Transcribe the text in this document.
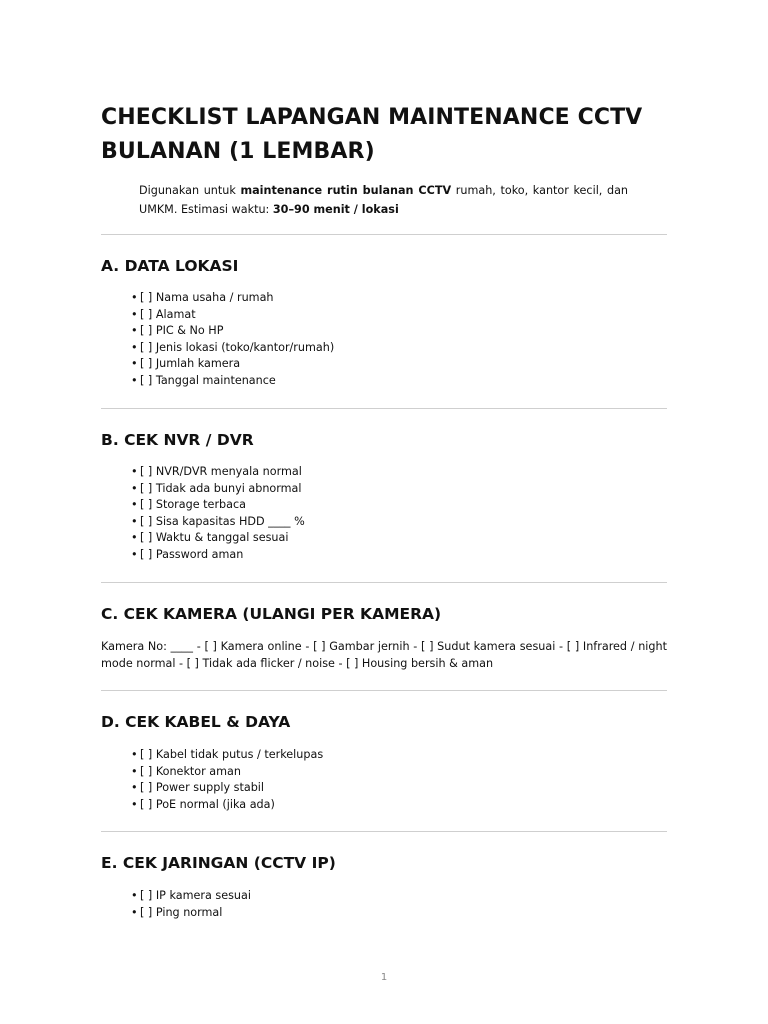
CHECKLIST LAPANGAN MAINTENANCE CCTV BULANAN (1 LEMBAR)

Digunakan untuk maintenance rutin bulanan CCTV rumah, toko, kantor kecil, dan UMKM. Estimasi waktu: 30–90 menit / lokasi

A. DATA LOKASI
• [ ] Nama usaha / rumah
• [ ] Alamat
• [ ] PIC & No HP
• [ ] Jenis lokasi (toko/kantor/rumah)
• [ ] Jumlah kamera
• [ ] Tanggal maintenance
B. CEK NVR / DVR
• [ ] NVR/DVR menyala normal
• [ ] Tidak ada bunyi abnormal
• [ ] Storage terbaca
• [ ] Sisa kapasitas HDD ____ %
• [ ] Waktu & tanggal sesuai
• [ ] Password aman
C. CEK KAMERA (ULANGI PER KAMERA)

Kamera No: ____ - [ ] Kamera online - [ ] Gambar jernih - [ ] Sudut kamera sesuai - [ ] Infrared / night mode normal - [ ] Tidak ada flicker / noise - [ ] Housing bersih & aman

D. CEK KABEL & DAYA
• [ ] Kabel tidak putus / terkelupas
• [ ] Konektor aman
• [ ] Power supply stabil
• [ ] PoE normal (jika ada)
E. CEK JARINGAN (CCTV IP)
• [ ] IP kamera sesuai
• [ ] Ping normal
1
